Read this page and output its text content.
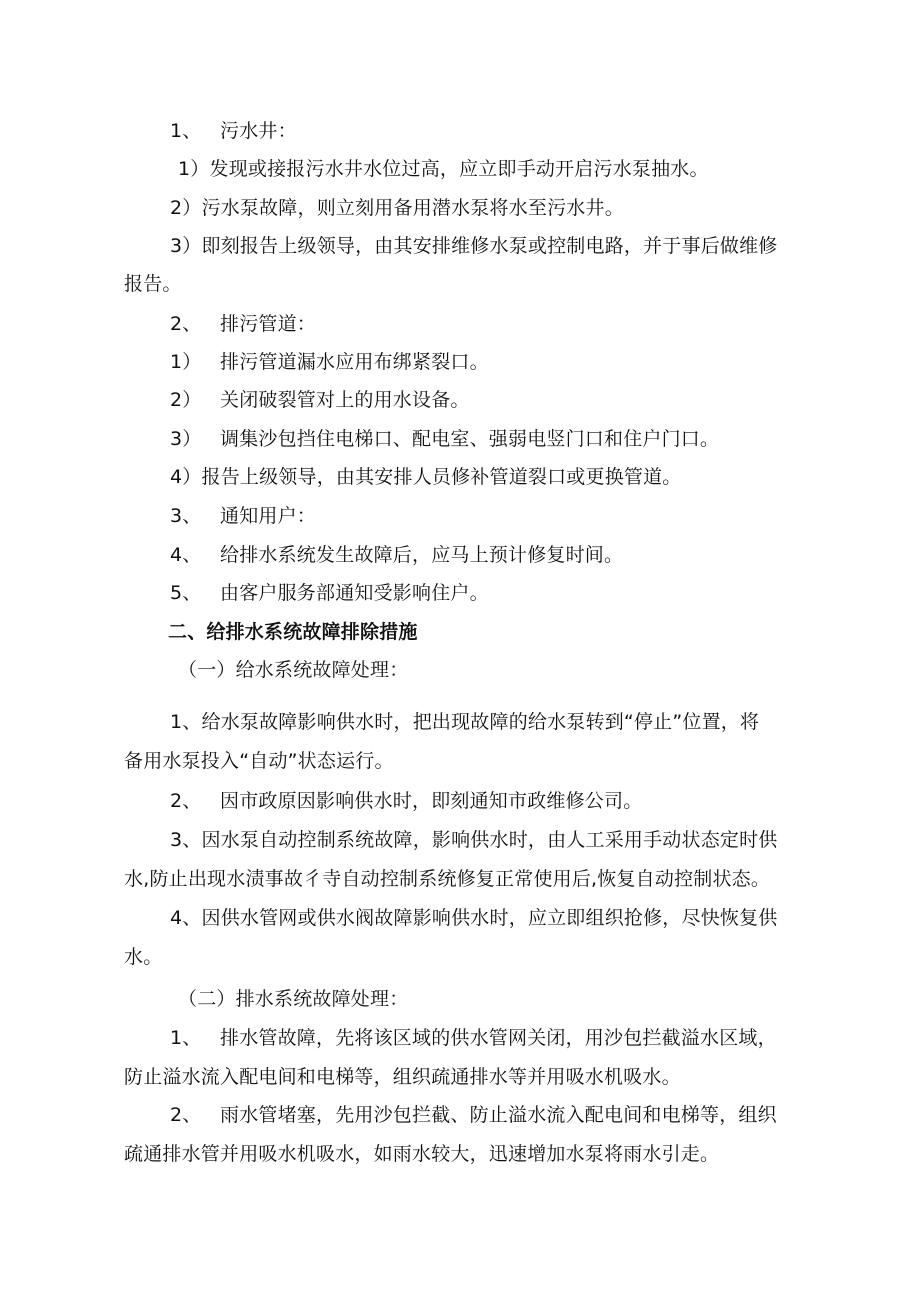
1、 污水井：
1）发现或接报污水井水位过高，应立即手动开启污水泵抽水。
2）污水泵故障，则立刻用备用潜水泵将水至污水井。
3）即刻报告上级领导，由其安排维修水泵或控制电路，并于事后做维修
报告。
2、 排污管道：
1） 排污管道漏水应用布绑紧裂口。
2） 关闭破裂管对上的用水设备。
3） 调集沙包挡住电梯口、配电室、强弱电竖门口和住户门口。
4）报告上级领导，由其安排人员修补管道裂口或更换管道。
3、 通知用户：
4、 给排水系统发生故障后，应马上预计修复时间。
5、 由客户服务部通知受影响住户。
二、给排水系统故障排除措施
（一）给水系统故障处理：
1、给水泵故障影响供水时，把出现故障的给水泵转到“停止”位置，将
备用水泵投入“自动”状态运行。
2、 因市政原因影响供水时，即刻通知市政维修公司。
3、因水泵自动控制系统故障，影响供水时，由人工采用手动状态定时供
水,防止出现水渍事故彳寺自动控制系统修复正常使用后,恢复自动控制状态。
4、因供水管网或供水阀故障影响供水时，应立即组织抢修，尽快恢复供
水。
（二）排水系统故障处理：
1、 排水管故障，先将该区域的供水管网关闭，用沙包拦截溢水区域，
防止溢水流入配电间和电梯等，组织疏通排水等并用吸水机吸水。
2、 雨水管堵塞，先用沙包拦截、防止溢水流入配电间和电梯等，组织
疏通排水管并用吸水机吸水，如雨水较大，迅速增加水泵将雨水引走。
